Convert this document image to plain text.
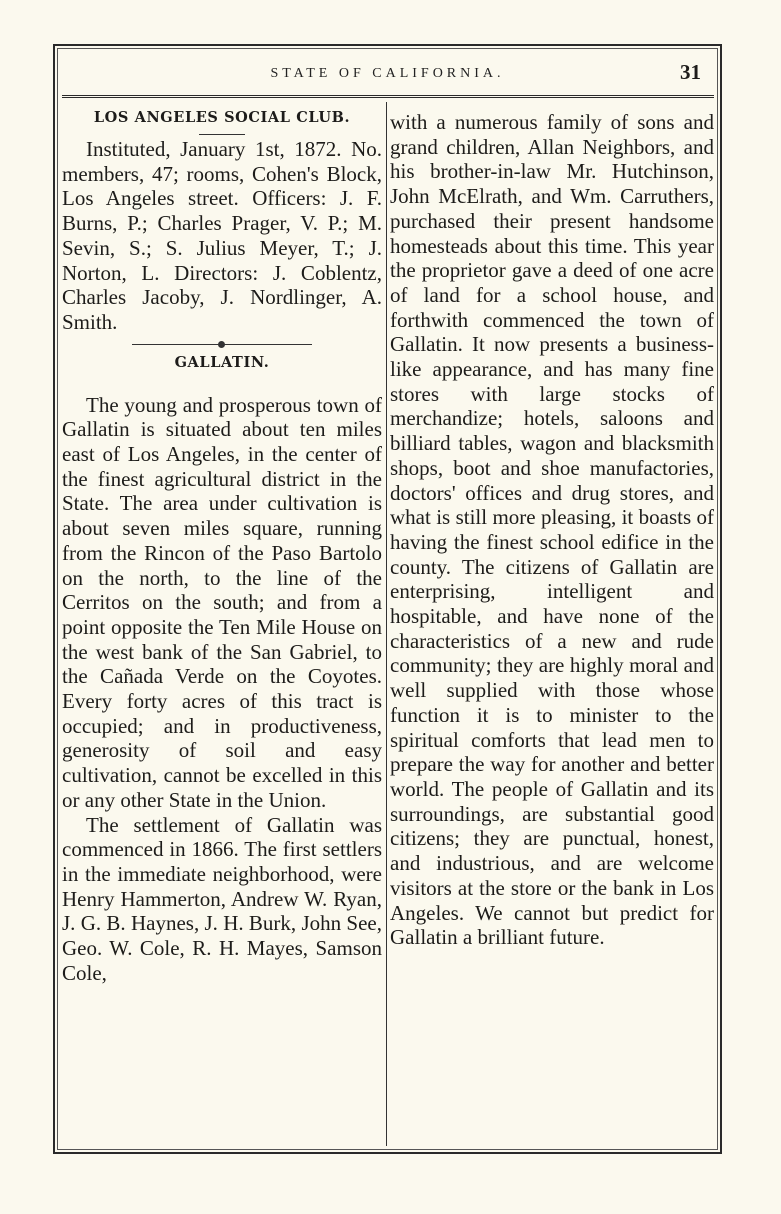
STATE OF CALIFORNIA.	31
LOS ANGELES SOCIAL CLUB.

Instituted, January 1st, 1872. No. members, 47; rooms, Cohen's Block, Los Angeles street. Officers: J. F. Burns, P.; Charles Prager, V. P.; M. Sevin, S.; S. Julius Meyer, T.; J. Norton, L. Directors: J. Coblentz, Charles Jacoby, J. Nordlinger, A. Smith.

GALLATIN.

The young and prosperous town of Gallatin is situated about ten miles east of Los Angeles, in the center of the finest agricultural district in the State. The area under cultivation is about seven miles square, running from the Rincon of the Paso Bartolo on the north, to the line of the Cerritos on the south; and from a point opposite the Ten Mile House on the west bank of the San Gabriel, to the Cañada Verde on the Coyotes. Every forty acres of this tract is occupied; and in productiveness, generosity of soil and easy cultivation, cannot be excelled in this or any other State in the Union.

The settlement of Gallatin was commenced in 1866. The first settlers in the immediate neighborhood, were Henry Hammerton, Andrew W. Ryan, J. G. B. Haynes, J. H. Burk, John See, Geo. W. Cole, R. H. Mayes, Samson Cole,

with a numerous family of sons and grand children, Allan Neighbors, and his brother-in-law Mr. Hutchinson, John McElrath, and Wm. Carruthers, purchased their present handsome homesteads about this time. This year the proprietor gave a deed of one acre of land for a school house, and forthwith commenced the town of Gallatin. It now presents a business-like appearance, and has many fine stores with large stocks of merchandize; hotels, saloons and billiard tables, wagon and blacksmith shops, boot and shoe manufactories, doctors' offices and drug stores, and what is still more pleasing, it boasts of having the finest school edifice in the county. The citizens of Gallatin are enterprising, intelligent and hospitable, and have none of the characteristics of a new and rude community; they are highly moral and well supplied with those whose function it is to minister to the spiritual comforts that lead men to prepare the way for another and better world. The people of Gallatin and its surroundings, are substantial good citizens; they are punctual, honest, and industrious, and are welcome visitors at the store or the bank in Los Angeles. We cannot but predict for Gallatin a brilliant future.
